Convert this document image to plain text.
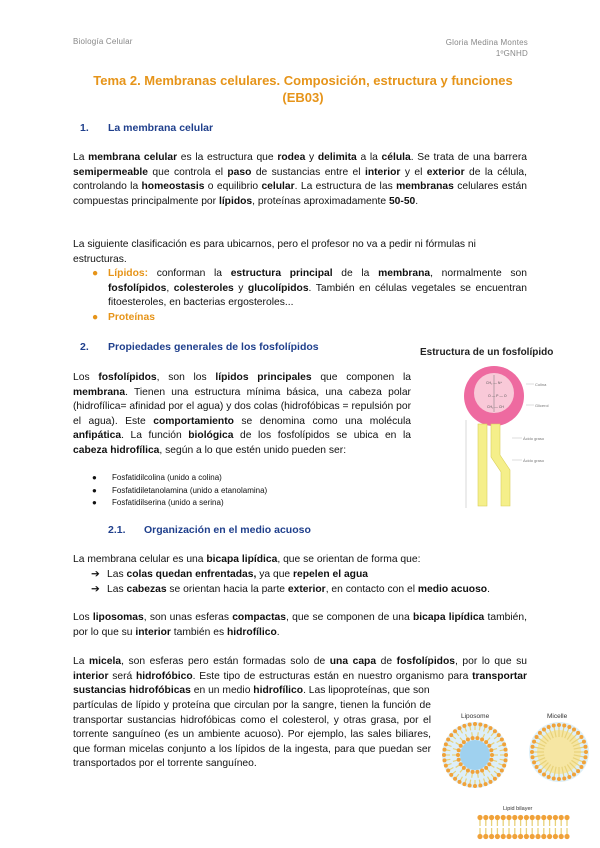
Biología Celular	Gloria Medina Montes
1ºGNHD
Tema 2. Membranas celulares. Composición, estructura y funciones (EB03)
1. La membrana celular
La membrana celular es la estructura que rodea y delimita a la célula. Se trata de una barrera semipermeable que controla el paso de sustancias entre el interior y el exterior de la célula, controlando la homeostasis o equilibrio celular. La estructura de las membranas celulares están compuestas principalmente por lípidos, proteínas aproximadamente 50-50.
La siguiente clasificación es para ubicarnos, pero el profesor no va a pedir ni fórmulas ni estructuras.
● Lípidos: conforman la estructura principal de la membrana, normalmente son fosfolípidos, colesteroles y glucolípidos. También en células vegetales se encuentran fitoesteroles, en bacterias ergosteroles...
● Proteínas
2. Propiedades generales de los fosfolípidos	Estructura de un fosfolípido
CH₂ — N⁺
O — P — O
CH₂ — CH
Colina
Glicerol
Ácido graso
Ácido graso
Los fosfolípidos, son los lípidos principales que componen la membrana. Tienen una estructura mínima básica, una cabeza polar (hidrofílica= afinidad por el agua) y dos colas (hidrofóbicas = repulsión por el agua). Este comportamiento se denomina como una molécula anfipática. La función biológica de los fosfolípidos se ubica en la cabeza hidrofílica, según a lo que estén unido pueden ser:
● Fosfatidilcolina (unido a colina)
● Fosfatidiletanolamina (unido a etanolamina)
● Fosfatidilserina (unido a serina)
2.1. Organización en el medio acuoso
La membrana celular es una bicapa lipídica, que se orientan de forma que:
➔ Las colas quedan enfrentadas, ya que repelen el agua
➔ Las cabezas se orientan hacia la parte exterior, en contacto con el medio acuoso.
Los liposomas, son unas esferas compactas, que se componen de una bicapa lipídica también, por lo que su interior también es hidrofílico.
La micela, son esferas pero están formadas solo de una capa de fosfolípidos, por lo que su interior será hidrofóbico. Este tipo de estructuras están en nuestro organismo para transportar sustancias hidrofóbicas en un medio hidrofílico. Las lipoproteínas, que son
partículas de lípido y proteína que circulan por la sangre, tienen la función de transportar sustancias hidrofóbicas como el colesterol, y otras grasa, por el torrente sanguíneo (es un ambiente acuoso). Por ejemplo, las sales biliares, que forman micelas conjunto a los lípidos de la ingesta, para que puedan ser transportados por el torrente sanguíneo.
Liposome	Micelle
Lipid bilayer
